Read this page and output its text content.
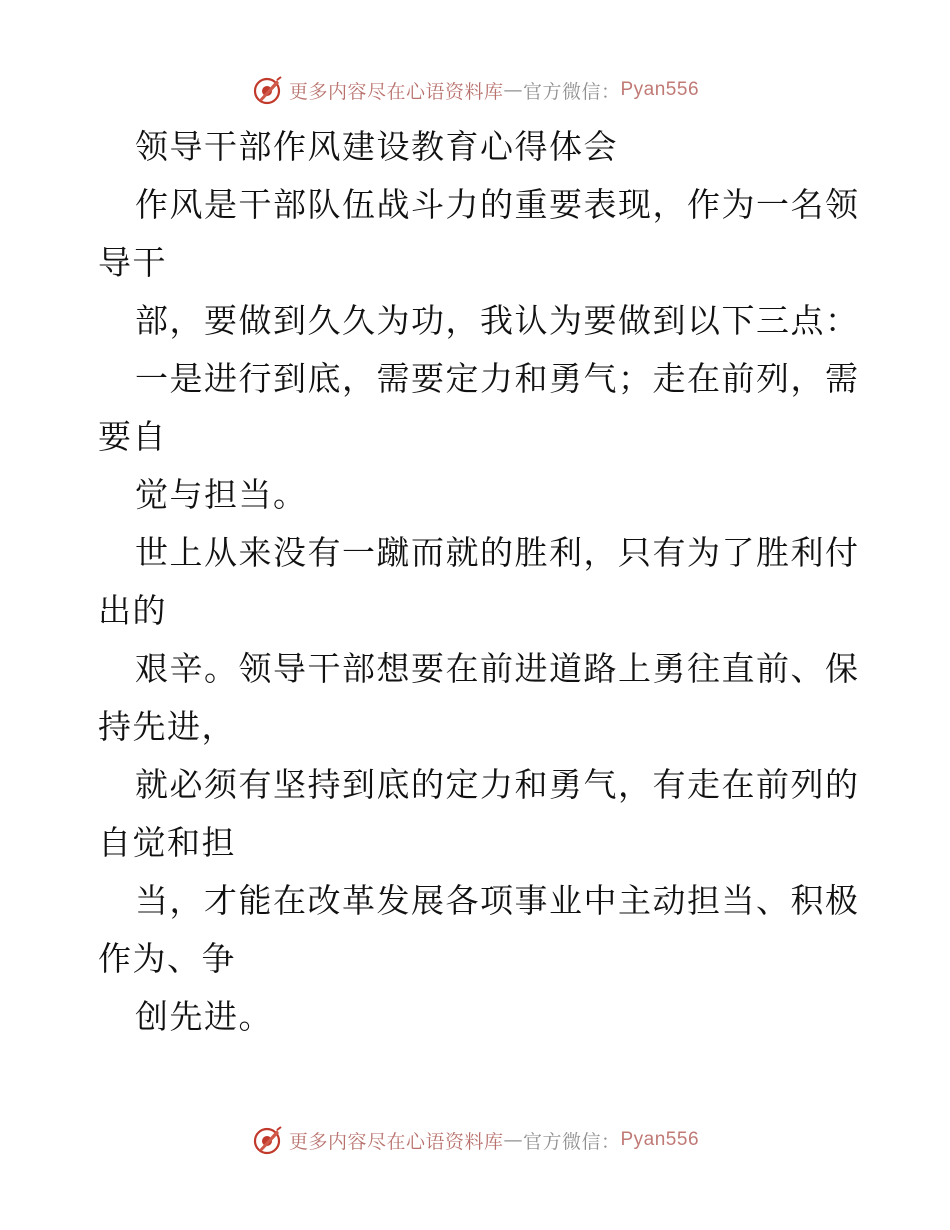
更多内容尽在心语资料库 — 官方微信： Pyan556
领导干部作风建设教育心得体会
作风是干部队伍战斗力的重要表现，作为一名领
导干
部，要做到久久为功，我认为要做到以下三点：
一是进行到底，需要定力和勇气；走在前列，需
要自
觉与担当。
世上从来没有一蹴而就的胜利，只有为了胜利付
出的
艰辛。领导干部想要在前进道路上勇往直前、保
持先进，
就必须有坚持到底的定力和勇气，有走在前列的
自觉和担
当，才能在改革发展各项事业中主动担当、积极
作为、争
创先进。
更多内容尽在心语资料库 — 官方微信： Pyan556
